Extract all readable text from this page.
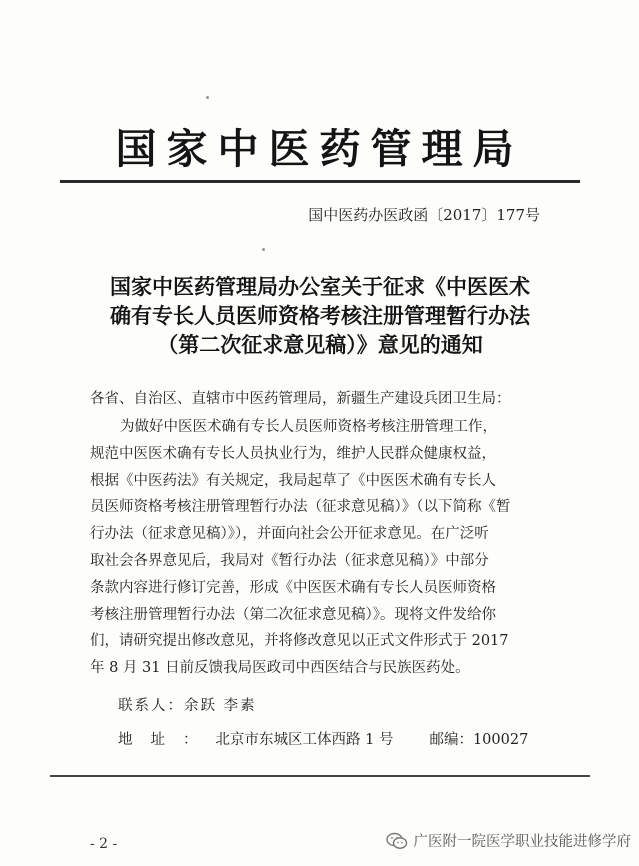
国家中医药管理局
国中医药办医政函〔2017〕177号
国家中医药管理局办公室关于征求《中医医术
确有专长人员医师资格考核注册管理暂行办法
（第二次征求意见稿）》意见的通知
各省、自治区、直辖市中医药管理局，新疆生产建设兵团卫生局：
为做好中医医术确有专长人员医师资格考核注册管理工作，
规范中医医术确有专长人员执业行为，维护人民群众健康权益，
根据《中医药法》有关规定，我局起草了《中医医术确有专长人
员医师资格考核注册管理暂行办法（征求意见稿）》（以下简称《暂
行办法（征求意见稿）》），并面向社会公开征求意见。在广泛听
取社会各界意见后，我局对《暂行办法（征求意见稿）》中部分
条款内容进行修订完善，形成《中医医术确有专长人员医师资格
考核注册管理暂行办法（第二次征求意见稿）》。现将文件发给你
们，请研究提出修改意见，并将修改意见以正式文件形式于 2017
年 8 月 31 日前反馈我局医政司中西医结合与民族医药处。
联系人：余跃 李素
地址：北京市东城区工体西路 1 号 邮编：100027
- 2 -	广医附一院医学职业技能进修学府
